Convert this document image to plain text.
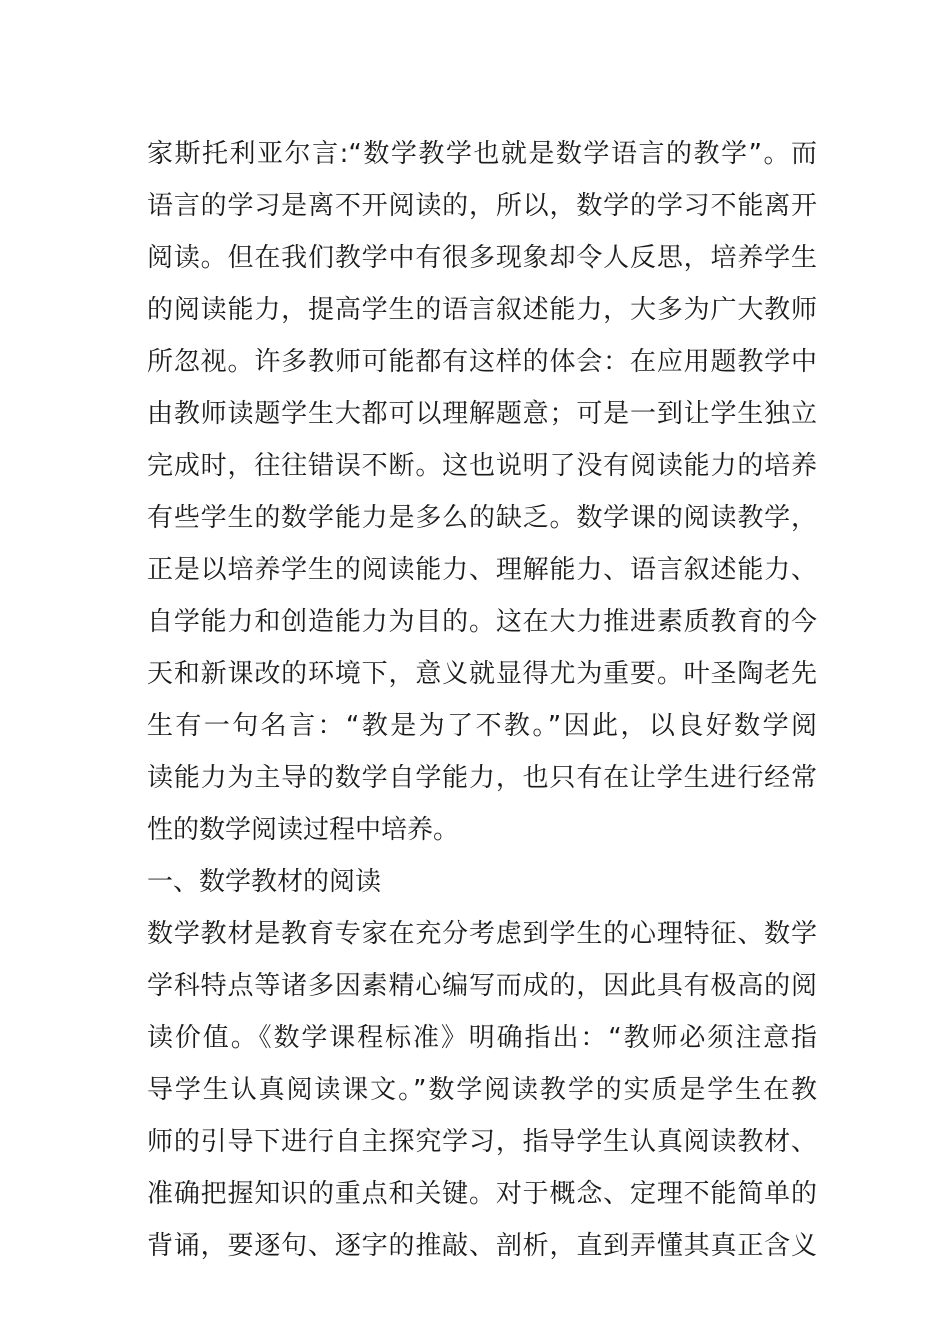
家斯托利亚尔言:“数学教学也就是数学语言的教学”。而
语言的学习是离不开阅读的，所以，数学的学习不能离开
阅读。但在我们教学中有很多现象却令人反思，培养学生
的阅读能力，提高学生的语言叙述能力，大多为广大教师
所忽视。许多教师可能都有这样的体会：在应用题教学中
由教师读题学生大都可以理解题意；可是一到让学生独立
完成时，往往错误不断。这也说明了没有阅读能力的培养
有些学生的数学能力是多么的缺乏。数学课的阅读教学，
正是以培养学生的阅读能力、理解能力、语言叙述能力、
自学能力和创造能力为目的。这在大力推进素质教育的今
天和新课改的环境下，意义就显得尤为重要。叶圣陶老先
生有一句名言：“教是为了不教。”因此，以良好数学阅
读能力为主导的数学自学能力，也只有在让学生进行经常
性的数学阅读过程中培养。
一、数学教材的阅读
数学教材是教育专家在充分考虑到学生的心理特征、数学
学科特点等诸多因素精心编写而成的，因此具有极高的阅
读价值。《数学课程标准》明确指出：“教师必须注意指
导学生认真阅读课文。”数学阅读教学的实质是学生在教
师的引导下进行自主探究学习，指导学生认真阅读教材、
准确把握知识的重点和关键。对于概念、定理不能简单的
背诵，要逐句、逐字的推敲、剖析，直到弄懂其真正含义
